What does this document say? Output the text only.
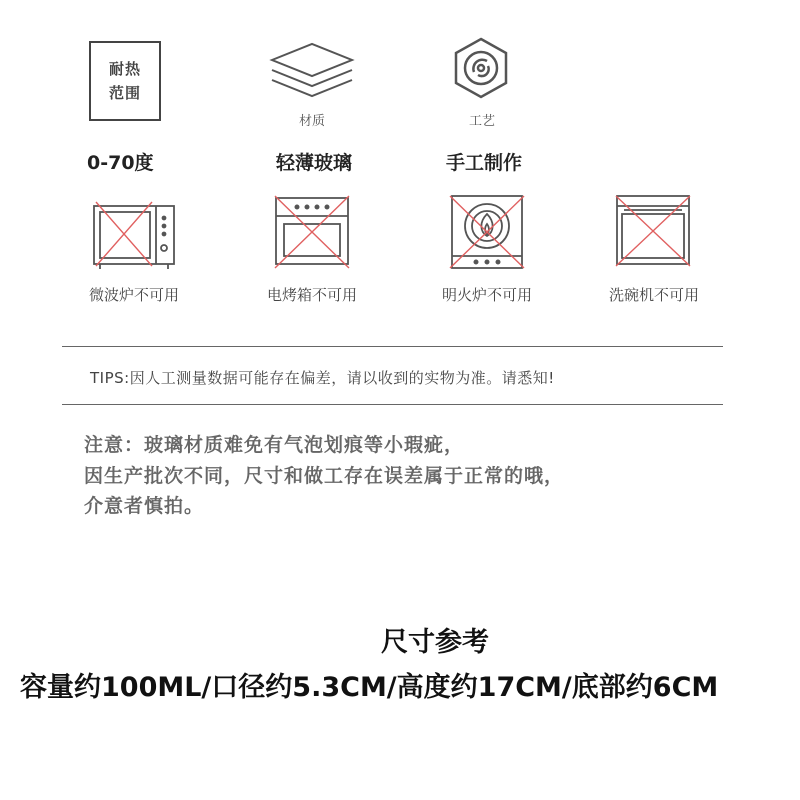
耐热范围
0-70度
材质
轻薄玻璃
工艺
手工制作
微波炉不可用	电烤箱不可用	明火炉不可用	洗碗机不可用
TIPS:因人工测量数据可能存在偏差，请以收到的实物为准。请悉知!
注意：玻璃材质难免有气泡划痕等小瑕疵，
因生产批次不同，尺寸和做工存在误差属于正常的哦，
介意者慎拍。
尺寸参考
容量约100ML/口径约5.3CM/高度约17CM/底部约6CM
